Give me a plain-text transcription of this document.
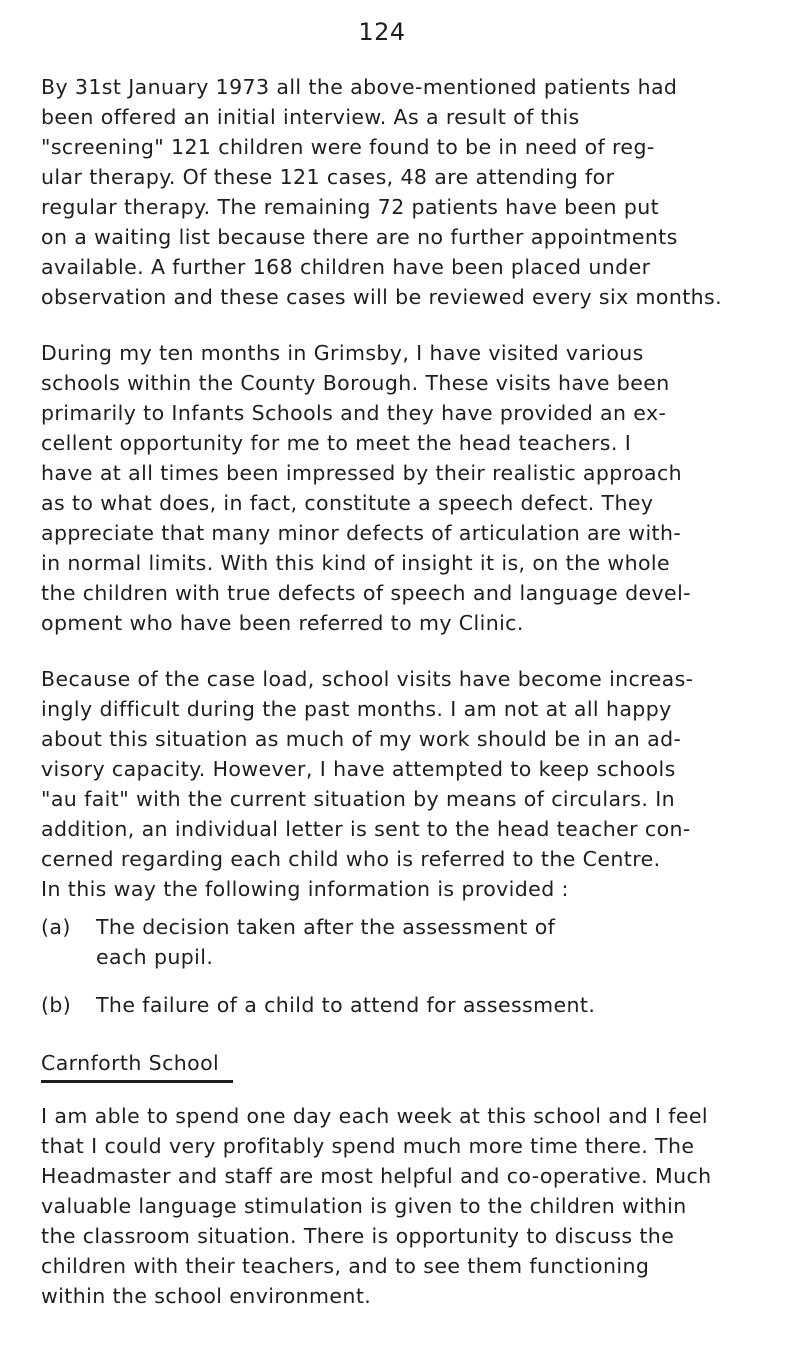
124
By 31st January 1973 all the above-mentioned patients had
been offered an initial interview. As a result of this
"screening" 121 children were found to be in need of reg-
ular therapy. Of these 121 cases, 48 are attending for
regular therapy. The remaining 72 patients have been put
on a waiting list because there are no further appointments
available. A further 168 children have been placed under
observation and these cases will be reviewed every six months.
During my ten months in Grimsby, I have visited various
schools within the County Borough. These visits have been
primarily to Infants Schools and they have provided an ex-
cellent opportunity for me to meet the head teachers. I
have at all times been impressed by their realistic approach
as to what does, in fact, constitute a speech defect. They
appreciate that many minor defects of articulation are with-
in normal limits. With this kind of insight it is, on the whole
the children with true defects of speech and language devel-
opment who have been referred to my Clinic.
Because of the case load, school visits have become increas-
ingly difficult during the past months. I am not at all happy
about this situation as much of my work should be in an ad-
visory capacity. However, I have attempted to keep schools
"au fait" with the current situation by means of circulars. In
addition, an individual letter is sent to the head teacher con-
cerned regarding each child who is referred to the Centre.
In this way the following information is provided :
(a) The decision taken after the assessment of
each pupil.
(b) The failure of a child to attend for assessment.
Carnforth School
I am able to spend one day each week at this school and I feel
that I could very profitably spend much more time there. The
Headmaster and staff are most helpful and co-operative. Much
valuable language stimulation is given to the children within
the classroom situation. There is opportunity to discuss the
children with their teachers, and to see them functioning
within the school environment.
